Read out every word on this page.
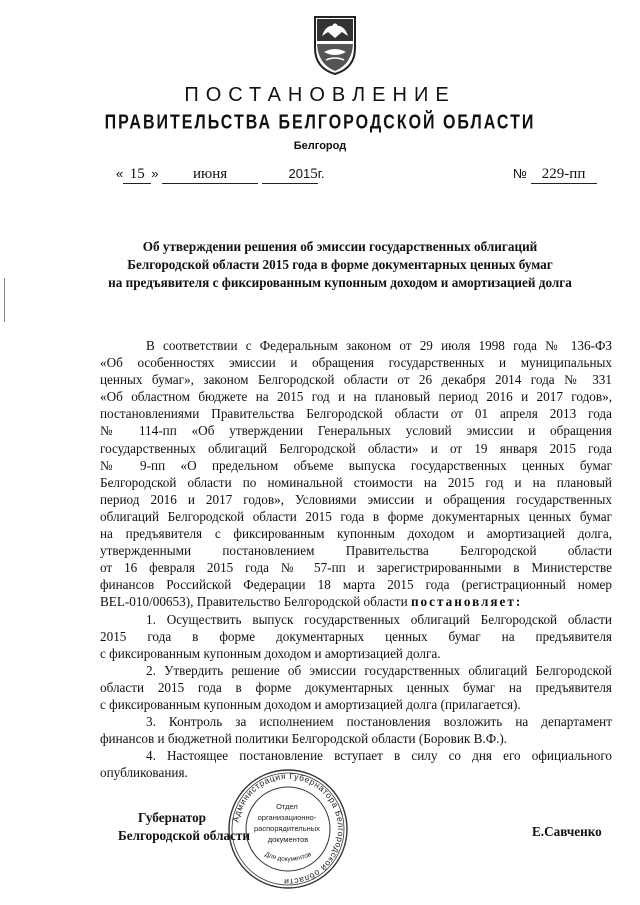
ПОСТАНОВЛЕНИЕ
ПРАВИТЕЛЬСТВА БЕЛГОРОДСКОЙ ОБЛАСТИ
Белгород
« 15 » июня	2015г.	№ 229-пп
Об утверждении решения об эмиссии государственных облигаций
Белгородской области 2015 года в форме документарных ценных бумаг
на предъявителя с фиксированным купонным доходом и амортизацией долга
В соответствии с Федеральным законом от 29 июля 1998 года № 136-ФЗ
«Об особенностях эмиссии и обращения государственных и муниципальных
ценных бумаг», законом Белгородской области от 26 декабря 2014 года № 331
«Об областном бюджете на 2015 год и на плановый период 2016 и 2017 годов»,
постановлениями Правительства Белгородской области от 01 апреля 2013 года
№ 114-пп «Об утверждении Генеральных условий эмиссии и обращения
государственных облигаций Белгородской области» и от 19 января 2015 года
№ 9-пп «О предельном объеме выпуска государственных ценных бумаг
Белгородской области по номинальной стоимости на 2015 год и на плановый
период 2016 и 2017 годов», Условиями эмиссии и обращения государственных
облигаций Белгородской области 2015 года в форме документарных ценных бумаг
на предъявителя с фиксированным купонным доходом и амортизацией долга,
утвержденными постановлением Правительства Белгородской области
от 16 февраля 2015 года № 57-пп и зарегистрированными в Министерстве
финансов Российской Федерации 18 марта 2015 года (регистрационный номер
BEL-010/00653), Правительство Белгородской области постановляет:
1. Осуществить выпуск государственных облигаций Белгородской области
2015 года в форме документарных ценных бумаг на предъявителя
с фиксированным купонным доходом и амортизацией долга.
2. Утвердить решение об эмиссии государственных облигаций Белгородской
области 2015 года в форме документарных ценных бумаг на предъявителя
с фиксированным купонным доходом и амортизацией долга (прилагается).
3. Контроль за исполнением постановления возложить на департамент
финансов и бюджетной политики Белгородской области (Боровик В.Ф.).
4. Настоящее постановление вступает в силу со дня его официального
опубликования.
Губернатор
Белгородской области	Е.Савченко
Администрация Губернатора Белгородской области
Отдел организационно- распорядительных документов
Для документов
